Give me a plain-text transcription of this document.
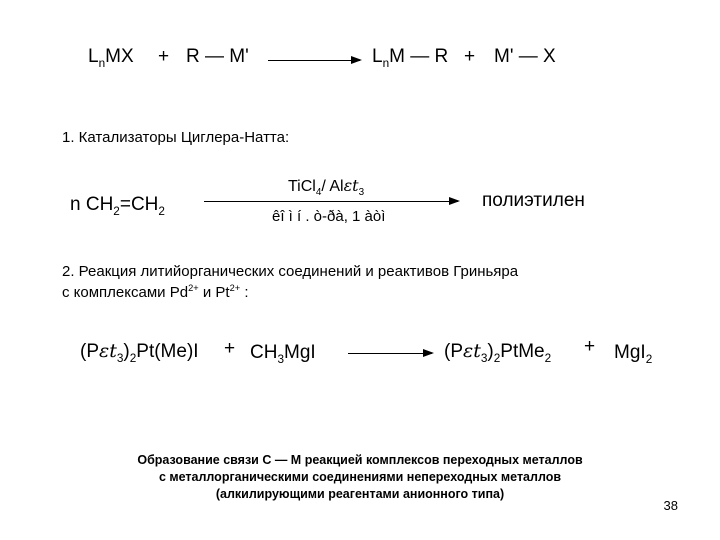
$L_nMX + R$ — M'	$L_nM$ — R + M' — X
1. Катализаторы Циглера-Натта:
n $CH_2=CH_2$
TiCl$_4$/ Alεt$_3$
êî ì í . ò-ðà, 1 àòì
полиэтилен
2. Реакция литийорганических соединений и реактивов Гриньяра
с комплексами $Pd^{2+}$ и $Pt^{2+}$ :
$(P\varepsilon t_3)_2Pt(Me)I + CH_3MgI$	$(P\varepsilon t_3)_2PtMe_2$
+ MgI$_2$
Образование связи С — М реакцией комплексов переходных металлов
с металлорганическими соединениями непереходных металлов
(алкилирующими реагентами анионного типа)
38
